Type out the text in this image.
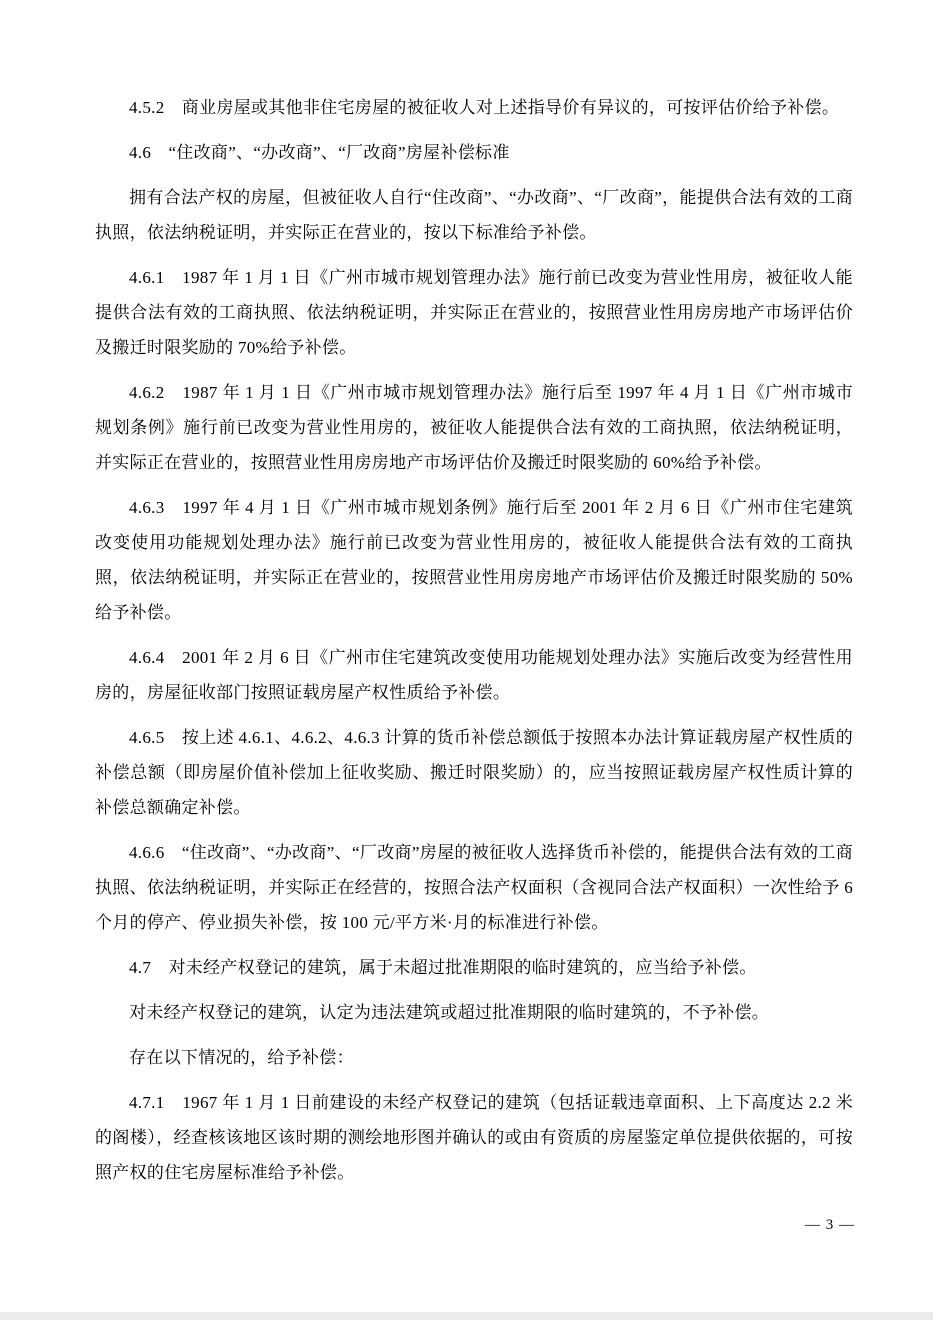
4.5.2　商业房屋或其他非住宅房屋的被征收人对上述指导价有异议的，可按评估价给予补偿。

4.6　“住改商”、“办改商”、“厂改商”房屋补偿标准

拥有合法产权的房屋，但被征收人自行“住改商”、“办改商”、“厂改商”，能提供合法有效的工商执照，依法纳税证明，并实际正在营业的，按以下标准给予补偿。

4.6.1　1987 年 1 月 1 日《广州市城市规划管理办法》施行前已改变为营业性用房，被征收人能提供合法有效的工商执照、依法纳税证明，并实际正在营业的，按照营业性用房房地产市场评估价及搬迁时限奖励的 70%给予补偿。

4.6.2　1987 年 1 月 1 日《广州市城市规划管理办法》施行后至 1997 年 4 月 1 日《广州市城市规划条例》施行前已改变为营业性用房的，被征收人能提供合法有效的工商执照，依法纳税证明，并实际正在营业的，按照营业性用房房地产市场评估价及搬迁时限奖励的 60%给予补偿。

4.6.3　1997 年 4 月 1 日《广州市城市规划条例》施行后至 2001 年 2 月 6 日《广州市住宅建筑改变使用功能规划处理办法》施行前已改变为营业性用房的，被征收人能提供合法有效的工商执照，依法纳税证明，并实际正在营业的，按照营业性用房房地产市场评估价及搬迁时限奖励的 50%给予补偿。

4.6.4　2001 年 2 月 6 日《广州市住宅建筑改变使用功能规划处理办法》实施后改变为经营性用房的，房屋征收部门按照证载房屋产权性质给予补偿。

4.6.5　按上述 4.6.1、4.6.2、4.6.3 计算的货币补偿总额低于按照本办法计算证载房屋产权性质的补偿总额（即房屋价值补偿加上征收奖励、搬迁时限奖励）的，应当按照证载房屋产权性质计算的补偿总额确定补偿。

4.6.6　“住改商”、“办改商”、“厂改商”房屋的被征收人选择货币补偿的，能提供合法有效的工商执照、依法纳税证明，并实际正在经营的，按照合法产权面积（含视同合法产权面积）一次性给予 6 个月的停产、停业损失补偿，按 100 元/平方米·月的标准进行补偿。

4.7　对未经产权登记的建筑，属于未超过批准期限的临时建筑的，应当给予补偿。

对未经产权登记的建筑，认定为违法建筑或超过批准期限的临时建筑的，不予补偿。

存在以下情况的，给予补偿：

4.7.1　1967 年 1 月 1 日前建设的未经产权登记的建筑（包括证载违章面积、上下高度达 2.2 米的阁楼），经查核该地区该时期的测绘地形图并确认的或由有资质的房屋鉴定单位提供依据的，可按照产权的住宅房屋标准给予补偿。

— 3 —
